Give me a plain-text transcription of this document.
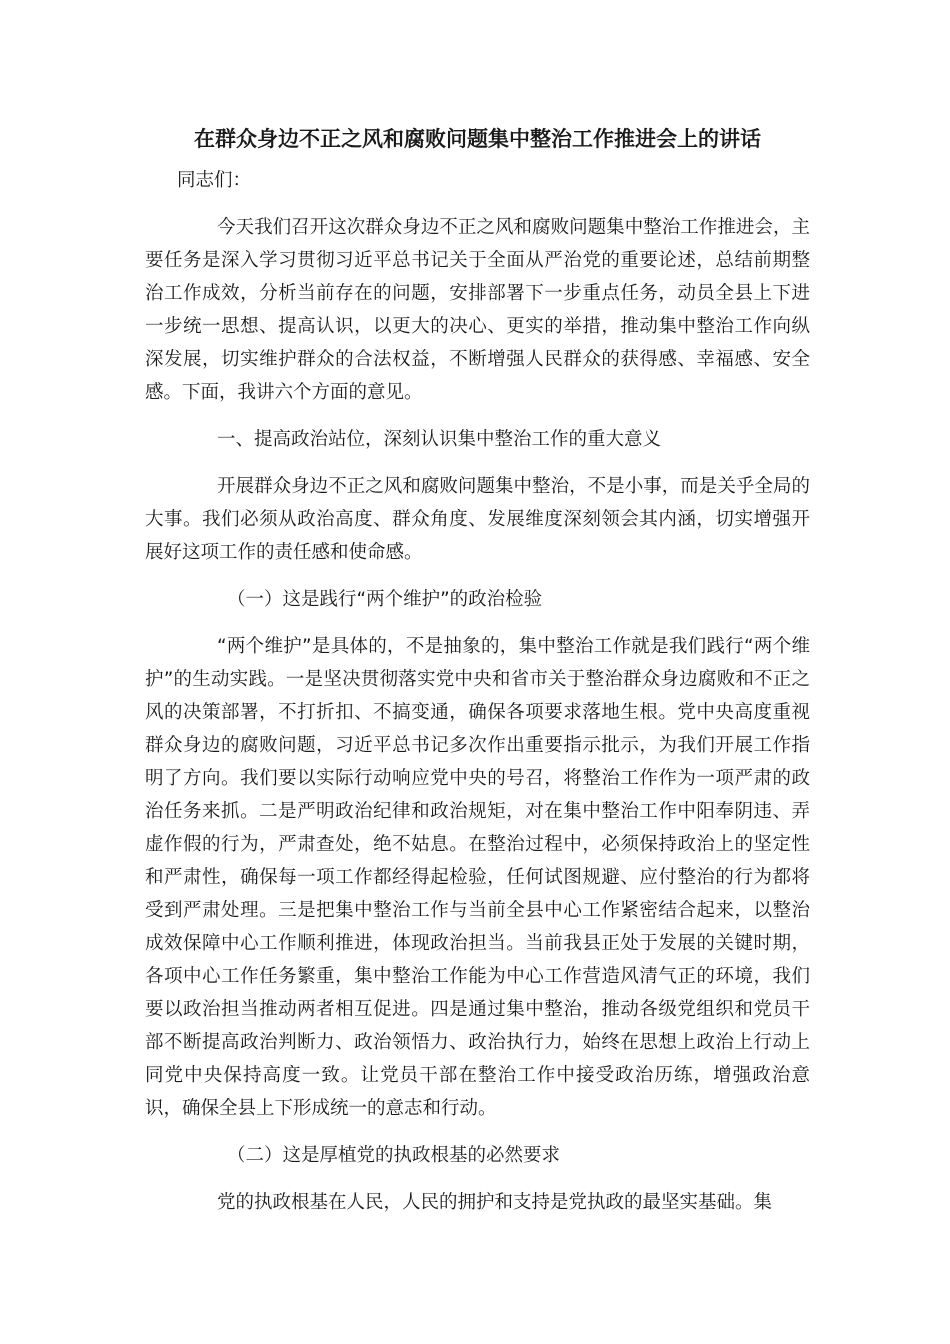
在群众身边不正之风和腐败问题集中整治工作推进会上的讲话

同志们：

今天我们召开这次群众身边不正之风和腐败问题集中整治工作推进会，主要任务是深入学习贯彻习近平总书记关于全面从严治党的重要论述，总结前期整治工作成效，分析当前存在的问题，安排部署下一步重点任务，动员全县上下进一步统一思想、提高认识，以更大的决心、更实的举措，推动集中整治工作向纵深发展，切实维护群众的合法权益，不断增强人民群众的获得感、幸福感、安全感。下面，我讲六个方面的意见。

一、提高政治站位，深刻认识集中整治工作的重大意义

开展群众身边不正之风和腐败问题集中整治，不是小事，而是关乎全局的大事。我们必须从政治高度、群众角度、发展维度深刻领会其内涵，切实增强开展好这项工作的责任感和使命感。

（一）这是践行“两个维护”的政治检验

“两个维护”是具体的，不是抽象的，集中整治工作就是我们践行“两个维护”的生动实践。一是坚决贯彻落实党中央和省市关于整治群众身边腐败和不正之风的决策部署，不打折扣、不搞变通，确保各项要求落地生根。党中央高度重视群众身边的腐败问题，习近平总书记多次作出重要指示批示，为我们开展工作指明了方向。我们要以实际行动响应党中央的号召，将整治工作作为一项严肃的政治任务来抓。二是严明政治纪律和政治规矩，对在集中整治工作中阳奉阴违、弄虚作假的行为，严肃查处，绝不姑息。在整治过程中，必须保持政治上的坚定性和严肃性，确保每一项工作都经得起检验，任何试图规避、应付整治的行为都将受到严肃处理。三是把集中整治工作与当前全县中心工作紧密结合起来，以整治成效保障中心工作顺利推进，体现政治担当。当前我县正处于发展的关键时期，各项中心工作任务繁重，集中整治工作能为中心工作营造风清气正的环境，我们要以政治担当推动两者相互促进。四是通过集中整治，推动各级党组织和党员干部不断提高政治判断力、政治领悟力、政治执行力，始终在思想上政治上行动上同党中央保持高度一致。让党员干部在整治工作中接受政治历练，增强政治意识，确保全县上下形成统一的意志和行动。

（二）这是厚植党的执政根基的必然要求

党的执政根基在人民，人民的拥护和支持是党执政的最坚实基础。集
